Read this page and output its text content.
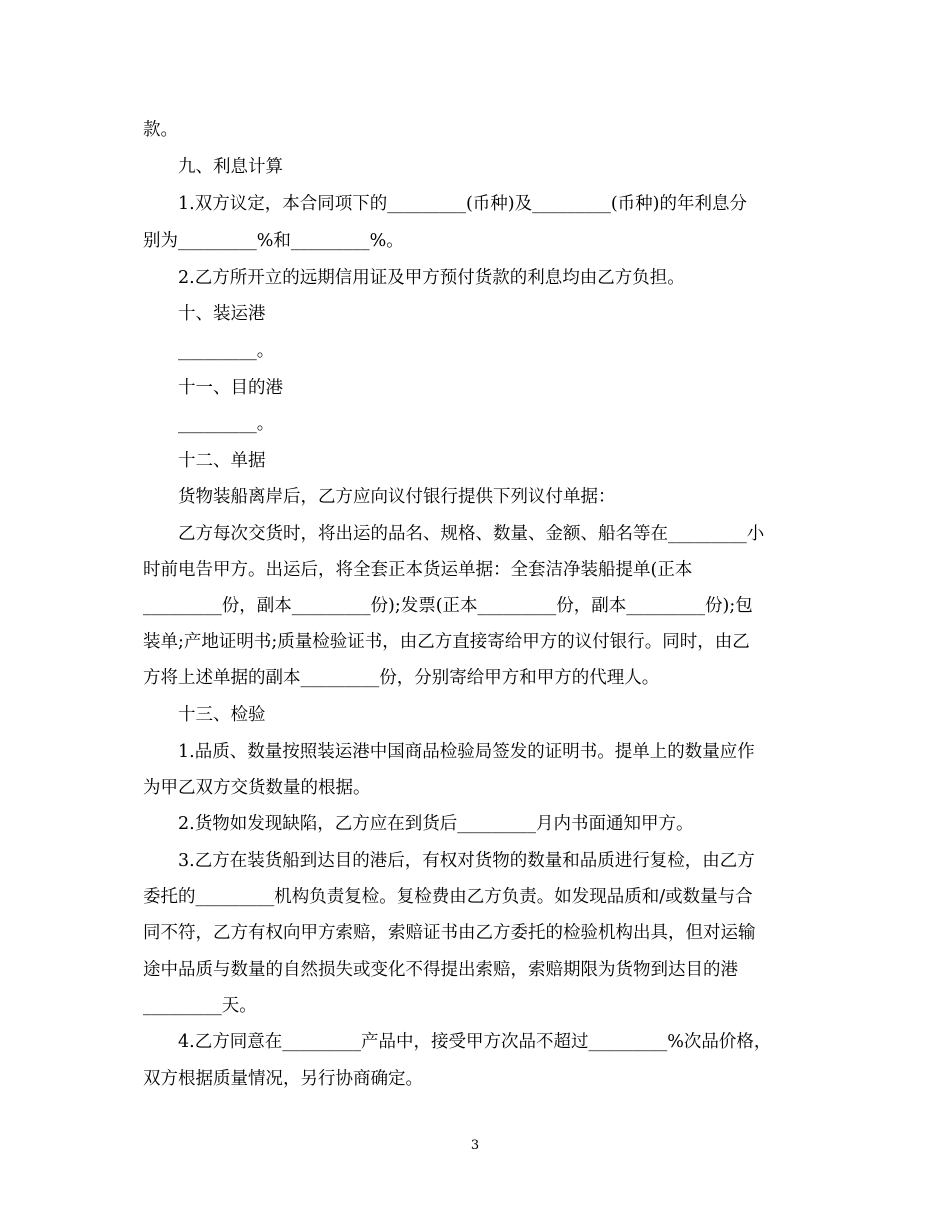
款。

九、利息计算

1.双方议定，本合同项下的_________(币种)及_________(币种)的年利息分

别为_________%和_________%。

2.乙方所开立的远期信用证及甲方预付货款的利息均由乙方负担。

十、装运港

_________。

十一、目的港

_________。

十二、单据

货物装船离岸后，乙方应向议付银行提供下列议付单据：

乙方每次交货时，将出运的品名、规格、数量、金额、船名等在_________小

时前电告甲方。出运后，将全套正本货运单据：全套洁净装船提单(正本

_________份，副本_________份);发票(正本_________份，副本_________份);包

装单;产地证明书;质量检验证书，由乙方直接寄给甲方的议付银行。同时，由乙

方将上述单据的副本_________份，分别寄给甲方和甲方的代理人。

十三、检验

1.品质、数量按照装运港中国商品检验局签发的证明书。提单上的数量应作

为甲乙双方交货数量的根据。

2.货物如发现缺陷，乙方应在到货后_________月内书面通知甲方。

3.乙方在装货船到达目的港后，有权对货物的数量和品质进行复检，由乙方

委托的_________机构负责复检。复检费由乙方负责。如发现品质和/或数量与合

同不符，乙方有权向甲方索赔，索赔证书由乙方委托的检验机构出具，但对运输

途中品质与数量的自然损失或变化不得提出索赔，索赔期限为货物到达目的港

_________天。

4.乙方同意在_________产品中，接受甲方次品不超过_________%次品价格，

双方根据质量情况，另行协商确定。

3
